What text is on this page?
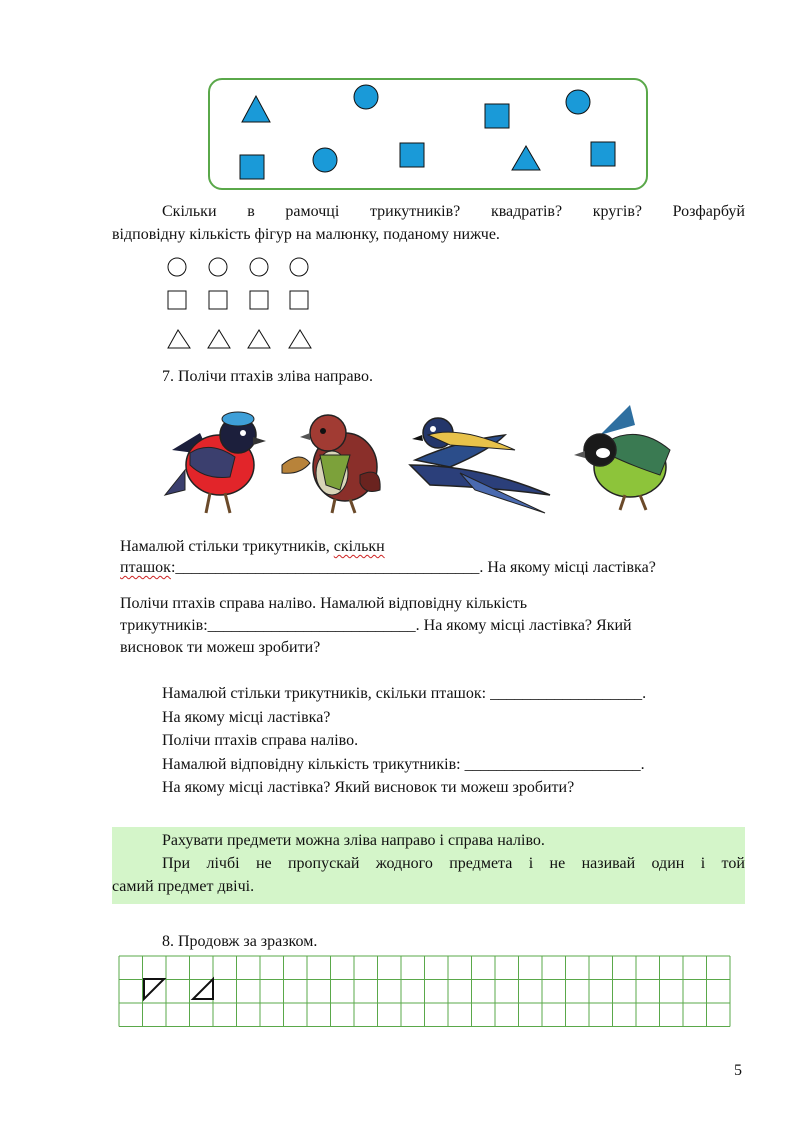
Скільки в рамочці трикутників? квадратів? кругів? Розфарбуй
відповідну кількість фігур на малюнку, поданому нижче.
7. Полічи птахів зліва направо.
Намалюй стільки трикутників, скількн
пташок:______________________________________. На якому місці ластівка?
Полічи птахів справа наліво. Намалюй відповідну кількість
трикутників:__________________________. На якому місці ластівка? Який
висновок ти можеш зробити?
Намалюй стільки трикутників, скільки пташок: ___________________.
На якому місці ластівка?
Полічи птахів справа наліво.
Намалюй відповідну кількість трикутників: ______________________.
На якому місці ластівка? Який висновок ти можеш зробити?
Рахувати предмети можна зліва направо і справа наліво.
При лічбі не пропускай жодного предмета і не називай один і той
самий предмет двічі.
8. Продовж за зразком.
5
